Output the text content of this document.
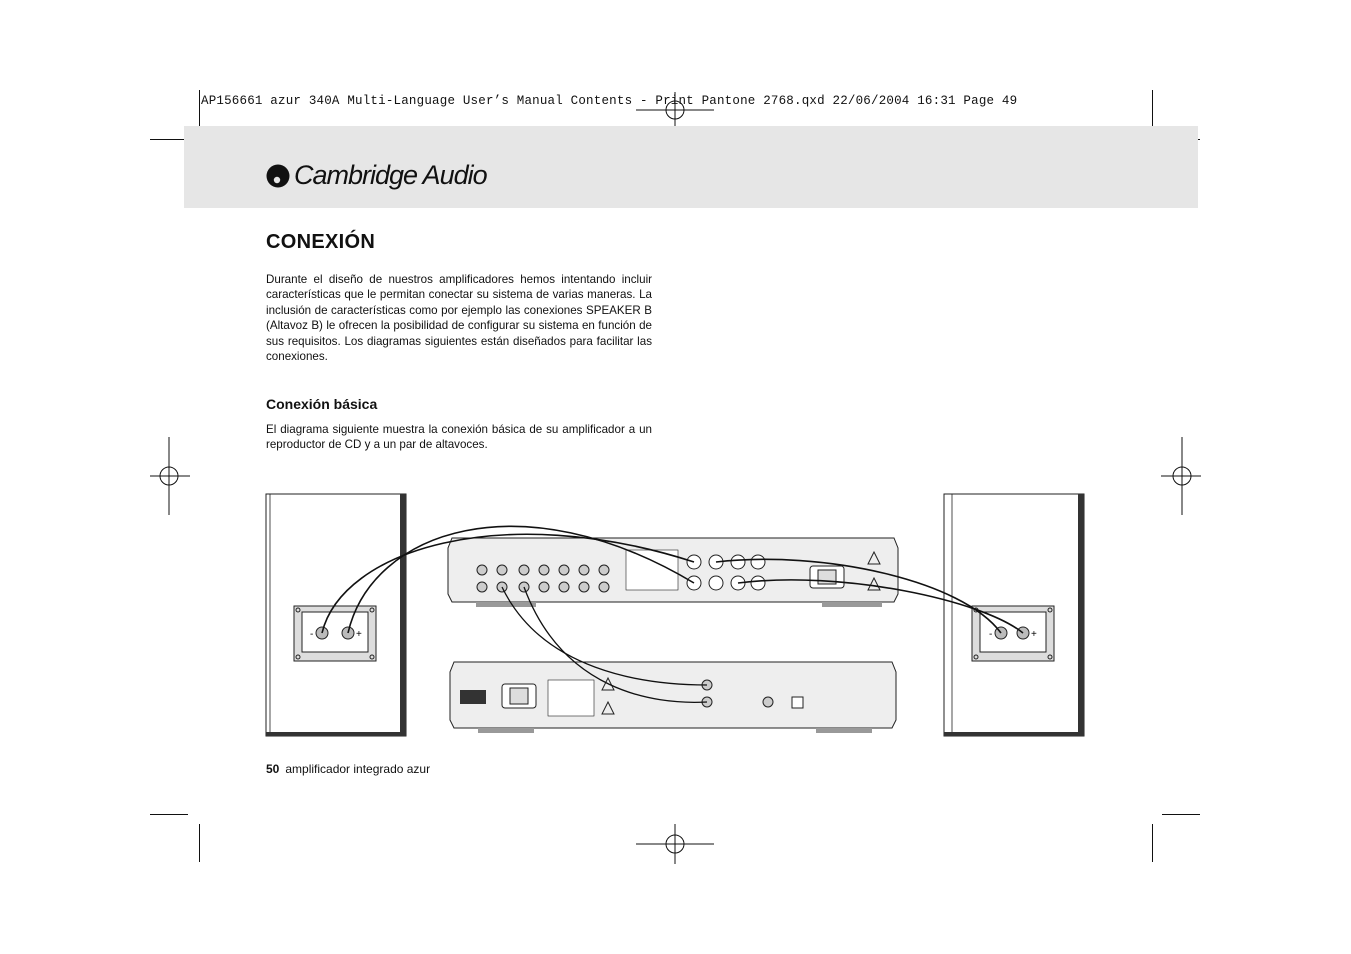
AP156661 azur 340A Multi-Language User’s Manual Contents - Print Pantone 2768.qxd 22/06/2004 16:31 Page 49
Cambridge Audio
CONEXIÓN
Durante el diseño de nuestros amplificadores hemos intentando incluir características que le permitan conectar su sistema de varias maneras. La inclusión de características como por ejemplo las conexiones SPEAKER B (Altavoz B) le ofrecen la posibilidad de configurar su sistema en función de sus requisitos. Los diagramas siguientes están diseñados para facilitar las conexiones.
Conexión básica
El diagrama siguiente muestra la conexión básica de su amplificador a un reproductor de CD y a un par de altavoces.
-	+	-	+
50 amplificador integrado azur
